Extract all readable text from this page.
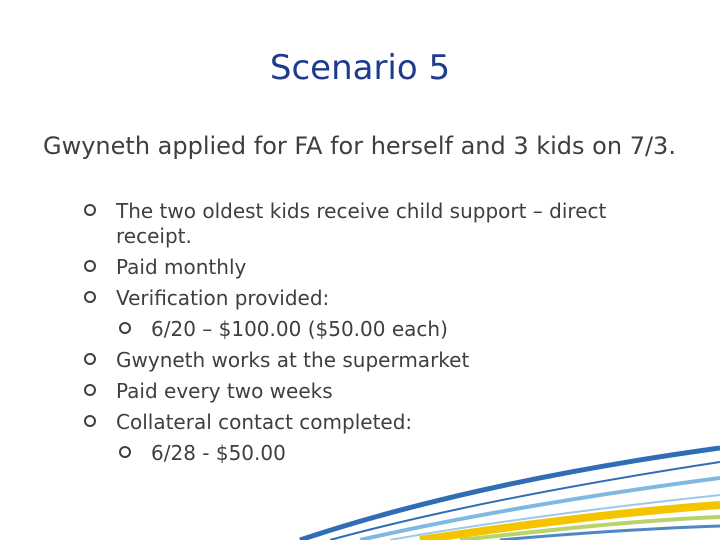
Scenario 5
Gwyneth applied for FA for herself and 3 kids on 7/3.
The two oldest kids receive child support – direct receipt.
Paid monthly
Verification provided:
6/20 – $100.00 ($50.00 each)
Gwyneth works at the supermarket
Paid every two weeks
Collateral contact completed:
6/28 - $50.00
